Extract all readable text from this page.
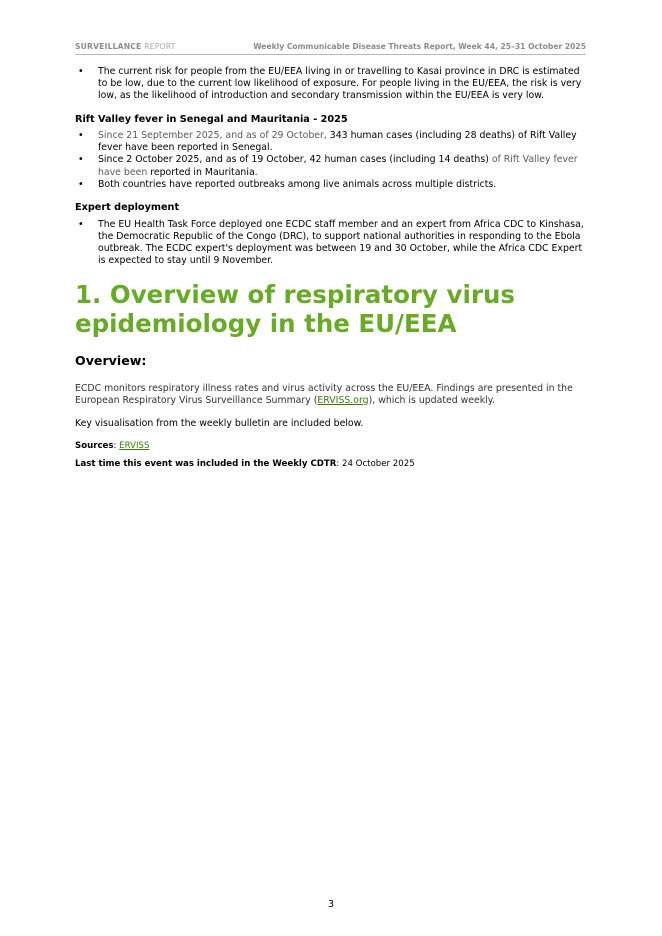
SURVEILLANCE REPORT	Weekly Communicable Disease Threats Report, Week 44, 25–31 October 2025
• The current risk for people from the EU/EEA living in or travelling to Kasai province in DRC is estimated to be low, due to the current low likelihood of exposure. For people living in the EU/EEA, the risk is very low, as the likelihood of introduction and secondary transmission within the EU/EEA is very low.
Rift Valley fever in Senegal and Mauritania - 2025
• Since 21 September 2025, and as of 29 October, 343 human cases (including 28 deaths) of Rift Valley fever have been reported in Senegal.
• Since 2 October 2025, and as of 19 October, 42 human cases (including 14 deaths) of Rift Valley fever have been reported in Mauritania.
• Both countries have reported outbreaks among live animals across multiple districts.
Expert deployment
• The EU Health Task Force deployed one ECDC staff member and an expert from Africa CDC to Kinshasa, the Democratic Republic of the Congo (DRC), to support national authorities in responding to the Ebola outbreak. The ECDC expert's deployment was between 19 and 30 October, while the Africa CDC Expert is expected to stay until 9 November.
1. Overview of respiratory virus
epidemiology in the EU/EEA
Overview:

ECDC monitors respiratory illness rates and virus activity across the EU/EEA. Findings are presented in the European Respiratory Virus Surveillance Summary (ERVISS.org), which is updated weekly.

Key visualisation from the weekly bulletin are included below.

Sources: ERVISS

Last time this event was included in the Weekly CDTR: 24 October 2025

3
